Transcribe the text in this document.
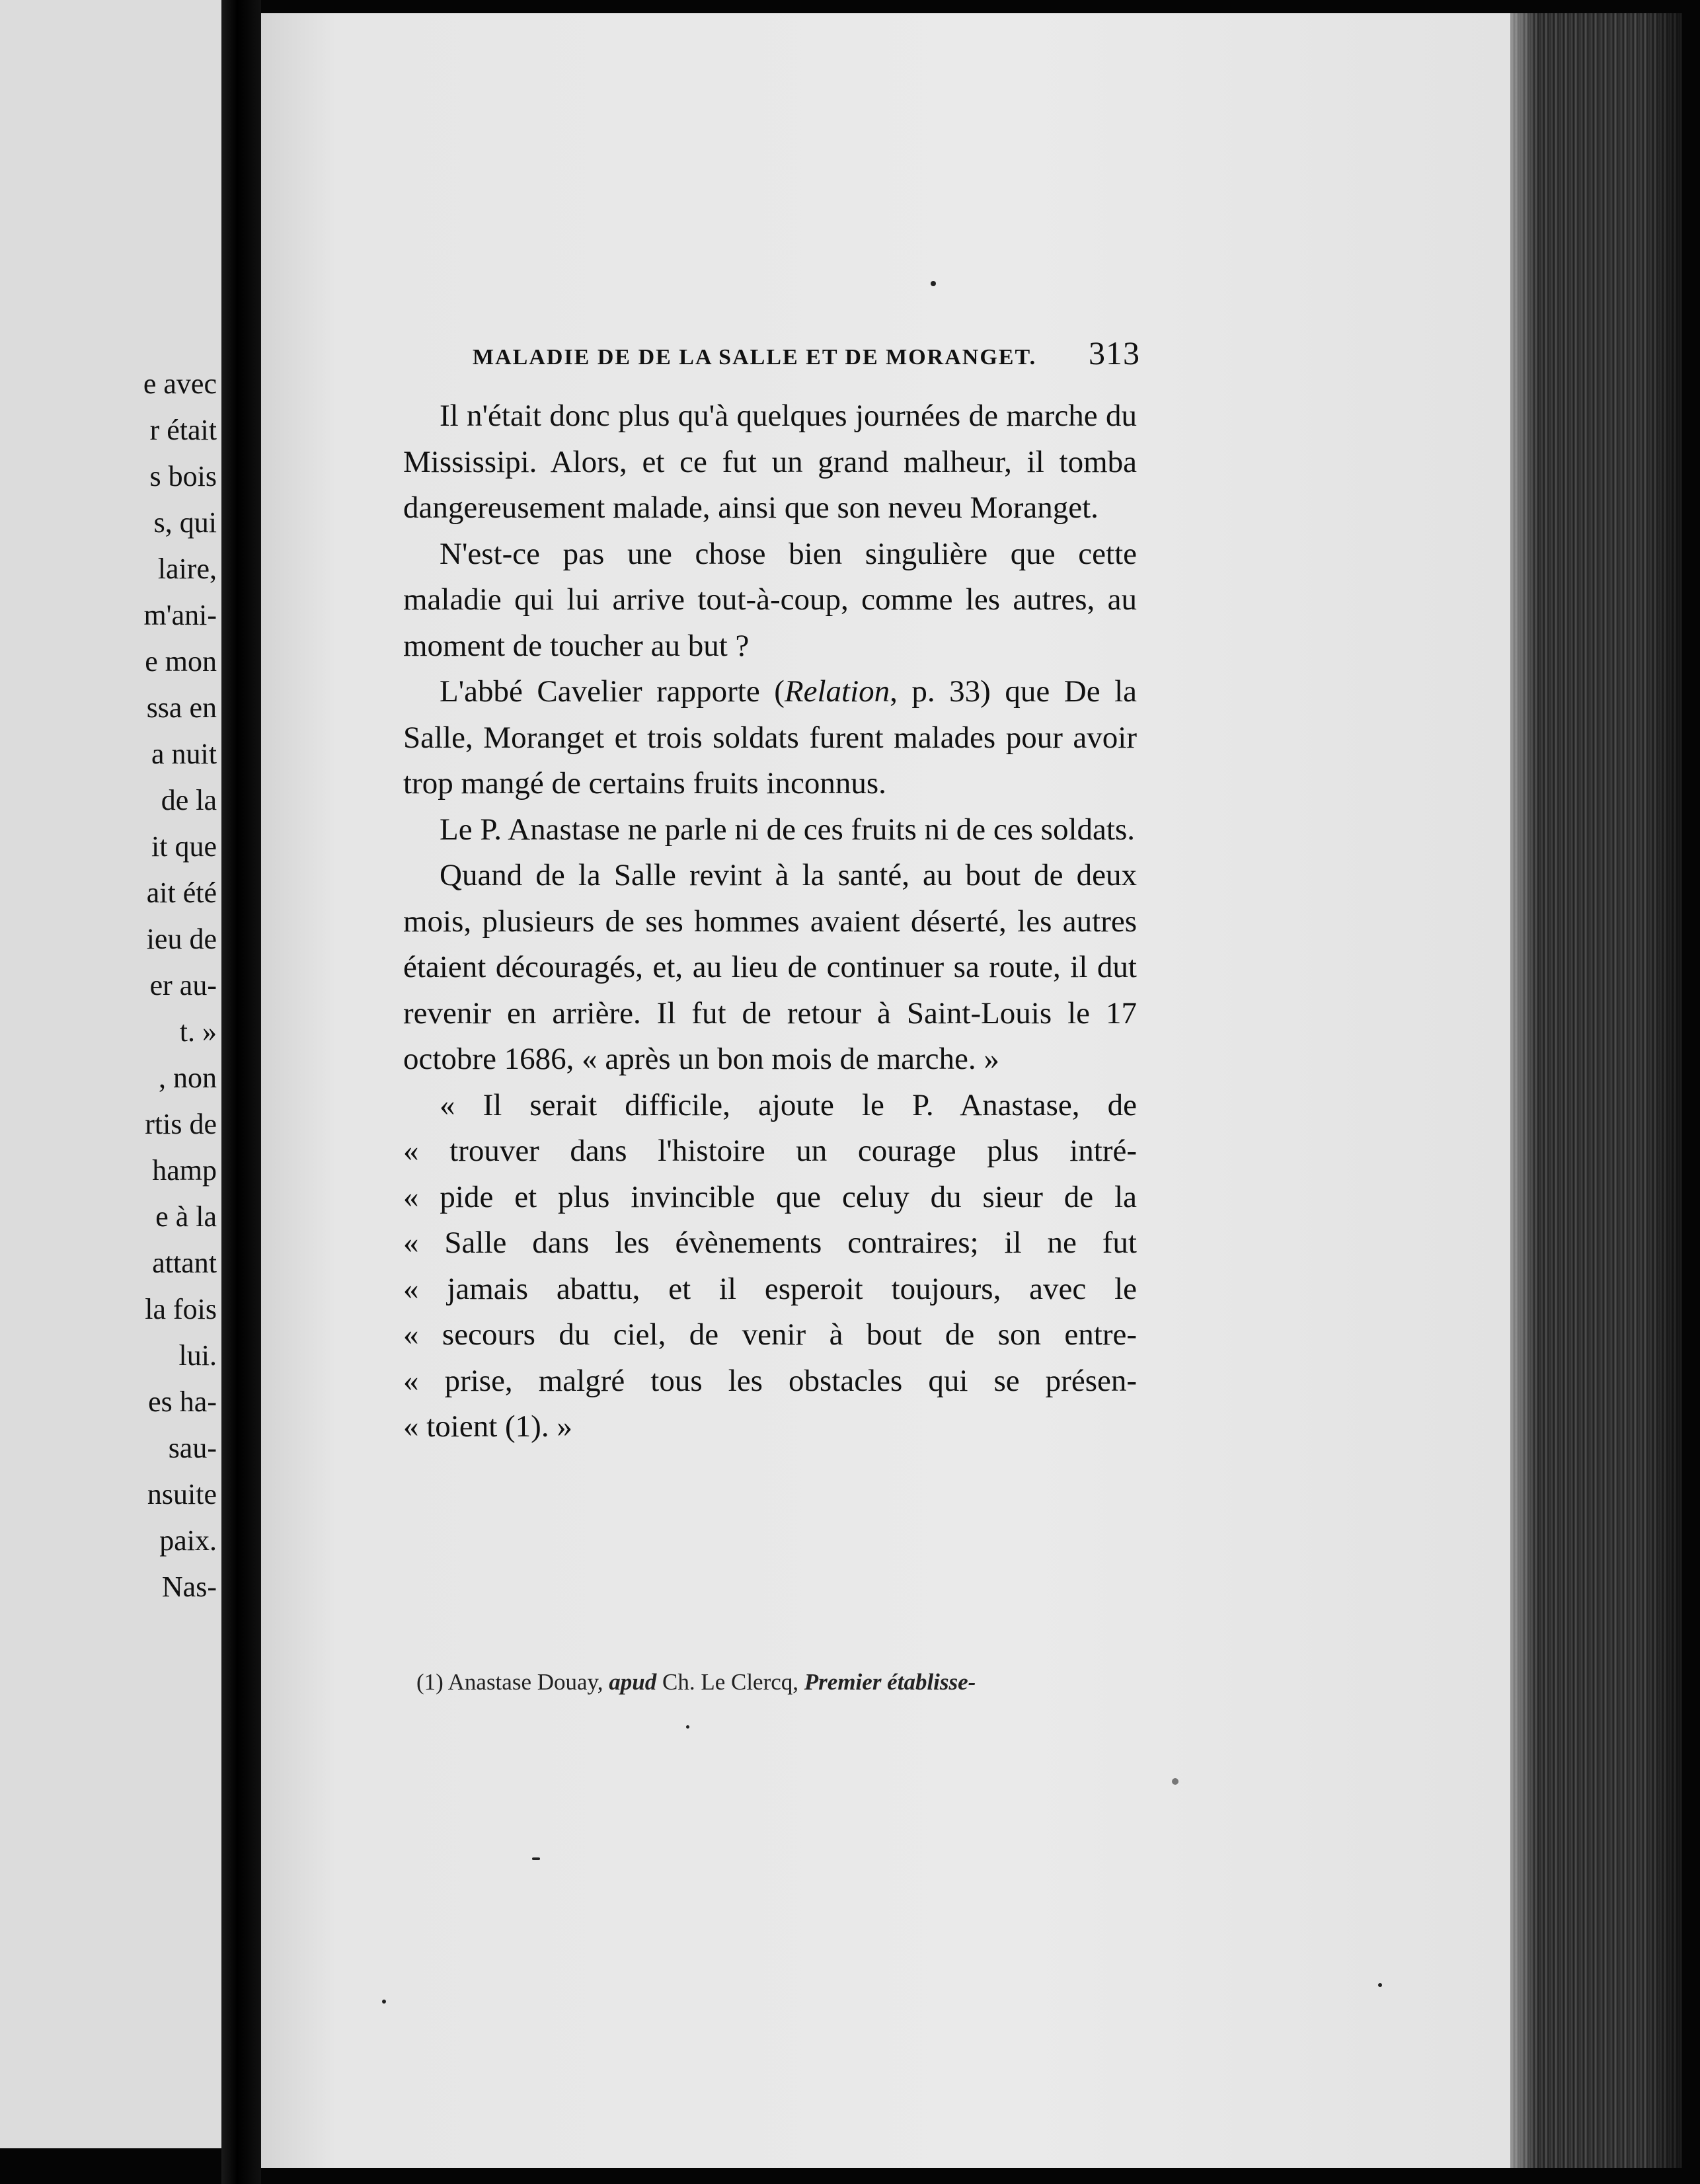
e avec
r était
s bois
s, qui
laire,
m'ani-
e mon
ssa en
a nuit
de la
it que
ait été
ieu de
er au-
t. »
, non
rtis de
hamp
e à la
attant
la fois
lui.
es ha-
sau-
nsuite
paix.
Nas-
MALADIE DE DE LA SALLE ET DE MORANGET. 313

Il n'était donc plus qu'à quelques journées de marche du Mississipi. Alors, et ce fut un grand malheur, il tomba dangereusement malade, ainsi que son neveu Moranget.

N'est-ce pas une chose bien singulière que cette maladie qui lui arrive tout-à-coup, comme les autres, au moment de toucher au but ?

L'abbé Cavelier rapporte (Relation, p. 33) que De la Salle, Moranget et trois soldats furent malades pour avoir trop mangé de certains fruits inconnus.

Le P. Anastase ne parle ni de ces fruits ni de ces soldats.

Quand de la Salle revint à la santé, au bout de deux mois, plusieurs de ses hommes avaient déserté, les autres étaient découragés, et, au lieu de continuer sa route, il dut revenir en arrière. Il fut de retour à Saint-Louis le 17 octobre 1686, « après un bon mois de marche. »

« Il serait difficile, ajoute le P. Anastase, de
« trouver dans l'histoire un courage plus intré-
« pide et plus invincible que celuy du sieur de la
« Salle dans les évènements contraires; il ne fut
« jamais abattu, et il esperoit toujours, avec le
« secours du ciel, de venir à bout de son entre-
« prise, malgré tous les obstacles qui se présen-
« toient (1). »
(1) Anastase Douay, apud Ch. Le Clercq, Premier établisse-
